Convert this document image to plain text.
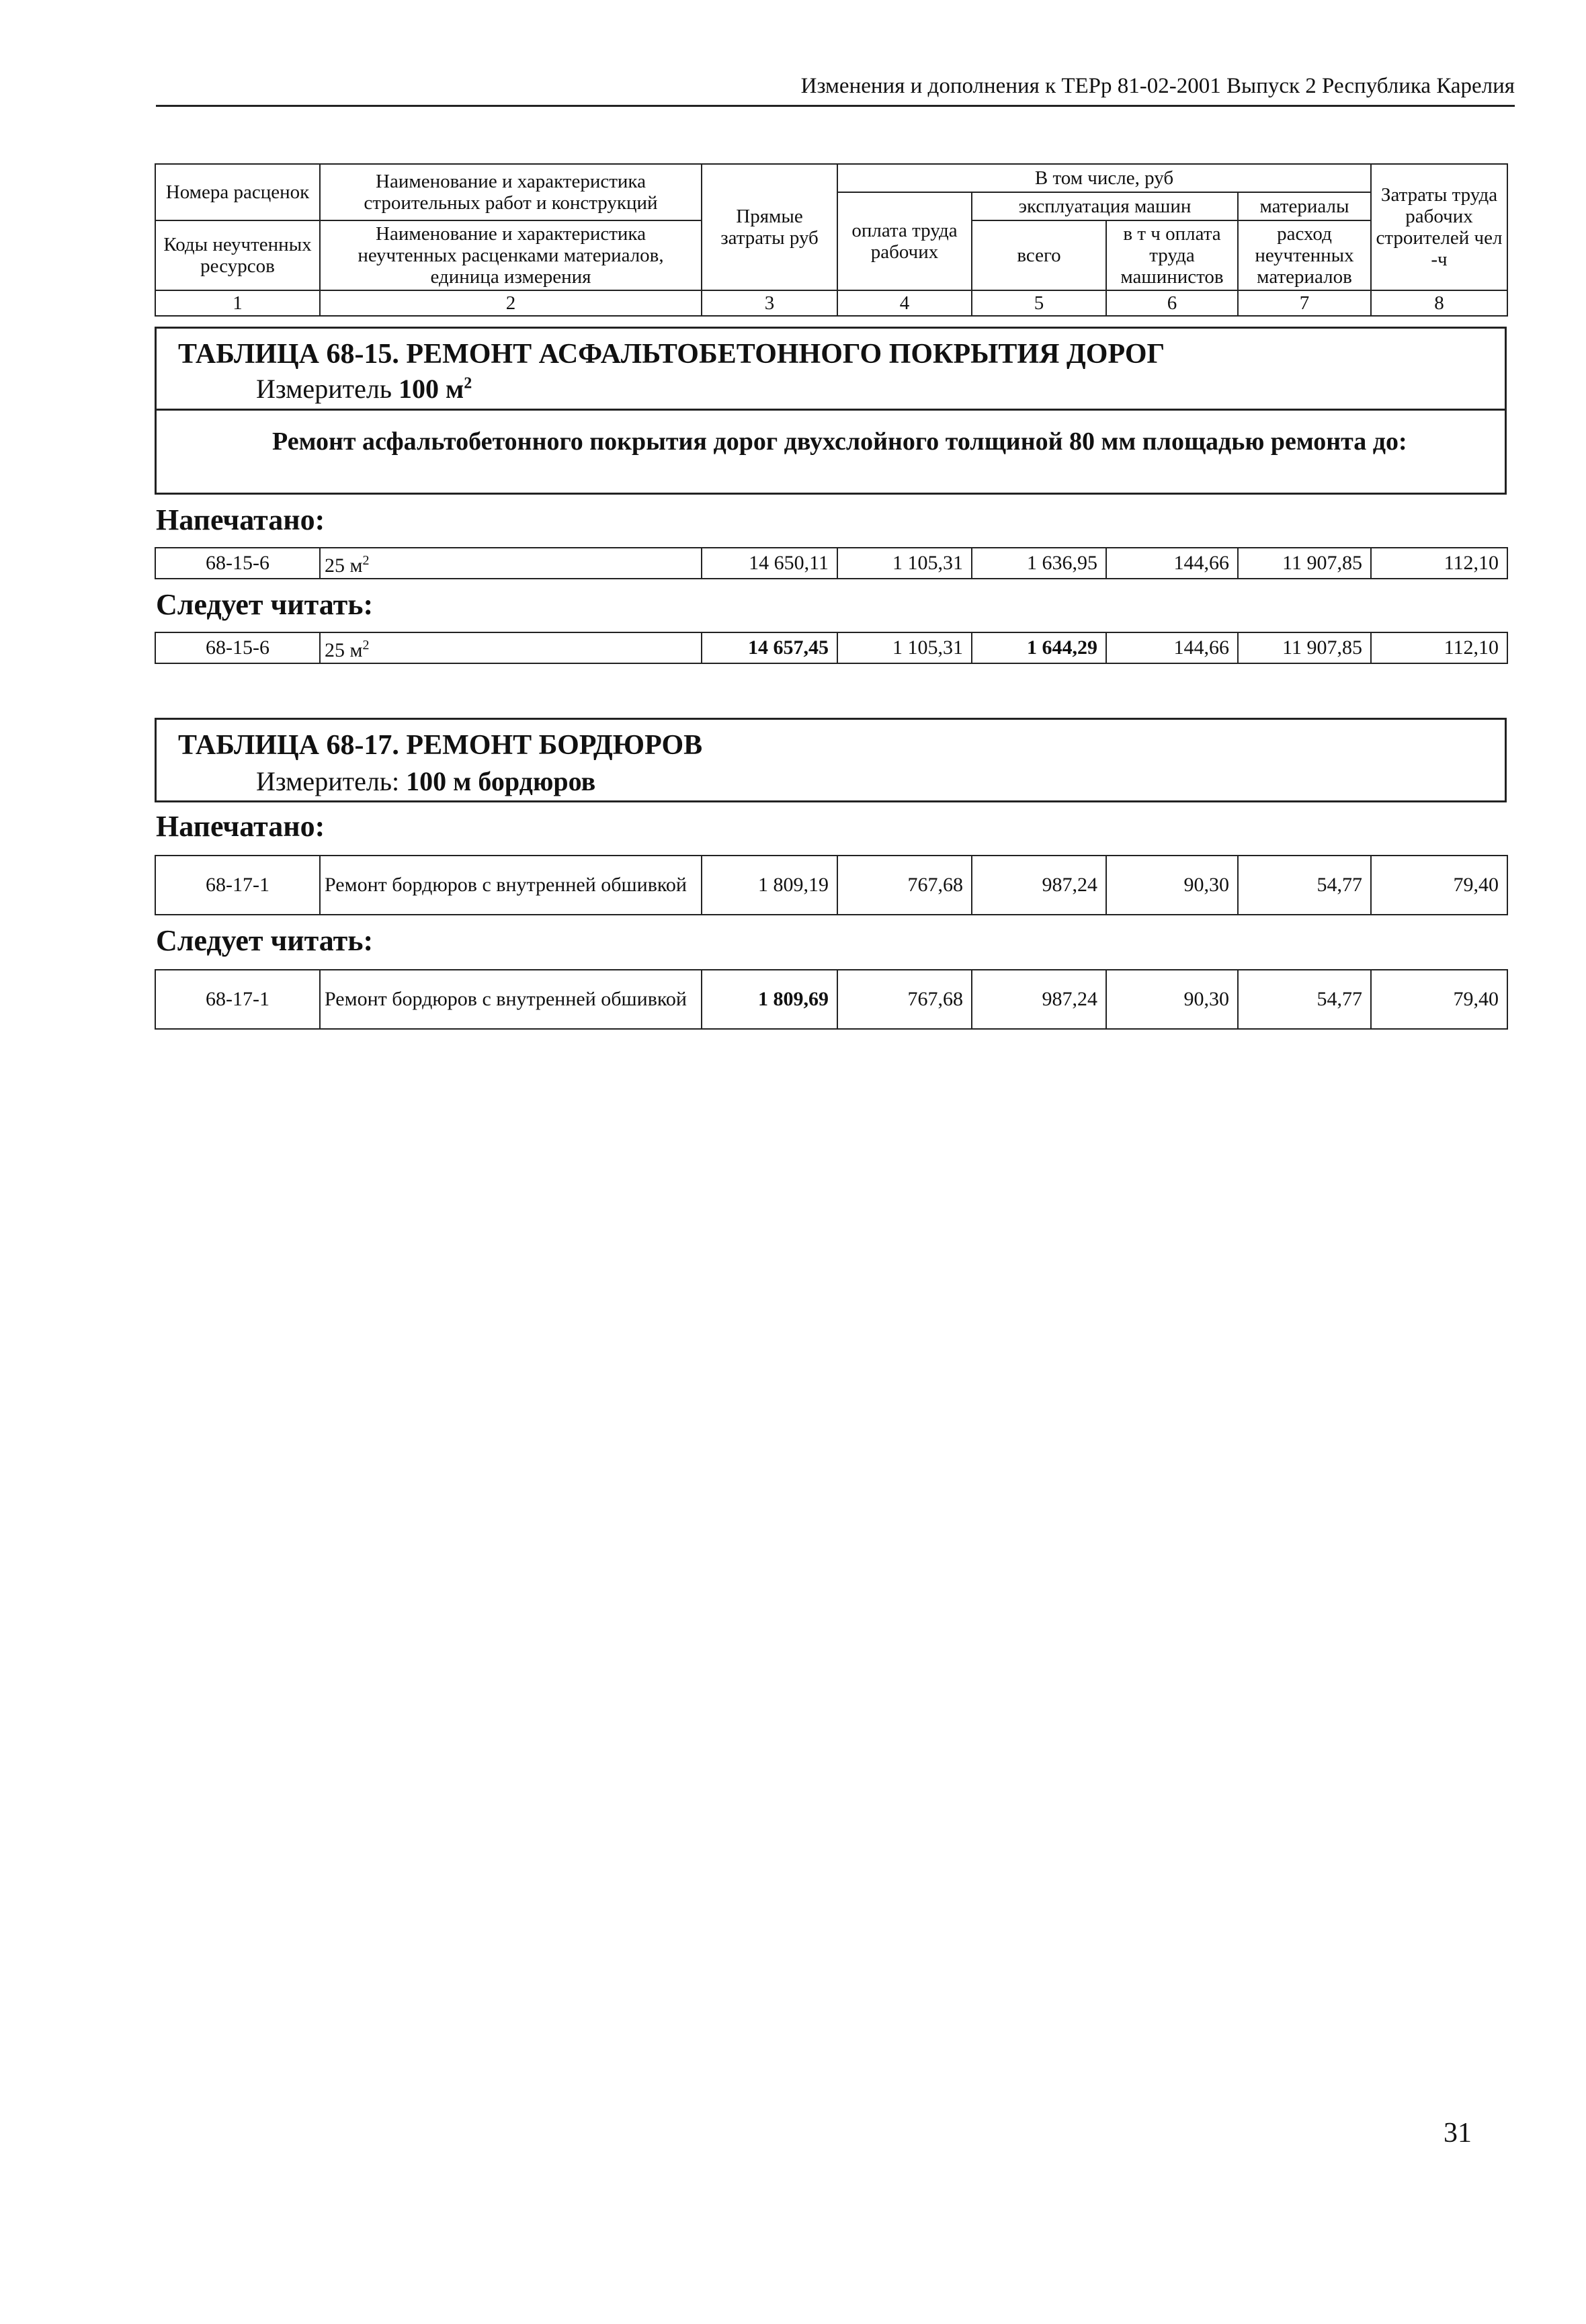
Изменения и дополнения к ТЕРр 81-02-2001 Выпуск 2 Республика Карелия
Номера расценок	Наименование и характеристика строительных работ и конструкций	Прямые затраты руб	В том числе, руб				Затраты труда рабочих строителей чел -ч
			оплата труда рабочих	эксплуатация машин		материалы	
Коды неучтенных ресурсов	Наименование и характеристика неучтенных расценками материалов, единица измерения			всего	в т ч оплата труда машинистов	расход неучтенных материалов	

1	2	3	4	5	6	7	8
ТАБЛИЦА 68-15. РЕМОНТ АСФАЛЬТОБЕТОННОГО ПОКРЫТИЯ ДОРОГ
Измеритель 100 $м^2$
Ремонт асфальтобетонного покрытия дорог двухслойного толщиной 80 мм площадью ремонта до:
Напечатано:
68-15-6	25 $м^2$	14 650,11	1 105,31	1 636,95	144,66	11 907,85	112,10
Следует читать:
68-15-6	25 $м^2$	14 657,45	1 105,31	1 644,29	144,66	11 907,85	112,10
ТАБЛИЦА 68-17. РЕМОНТ БОРДЮРОВ
Измеритель: 100 м бордюров
Напечатано:
68-17-1	Ремонт бордюров с внутренней обшивкой	1 809,19	767,68	987,24	90,30	54,77	79,40
Следует читать:
68-17-1	Ремонт бордюров с внутренней обшивкой	1 809,69	767,68	987,24	90,30	54,77	79,40
31
